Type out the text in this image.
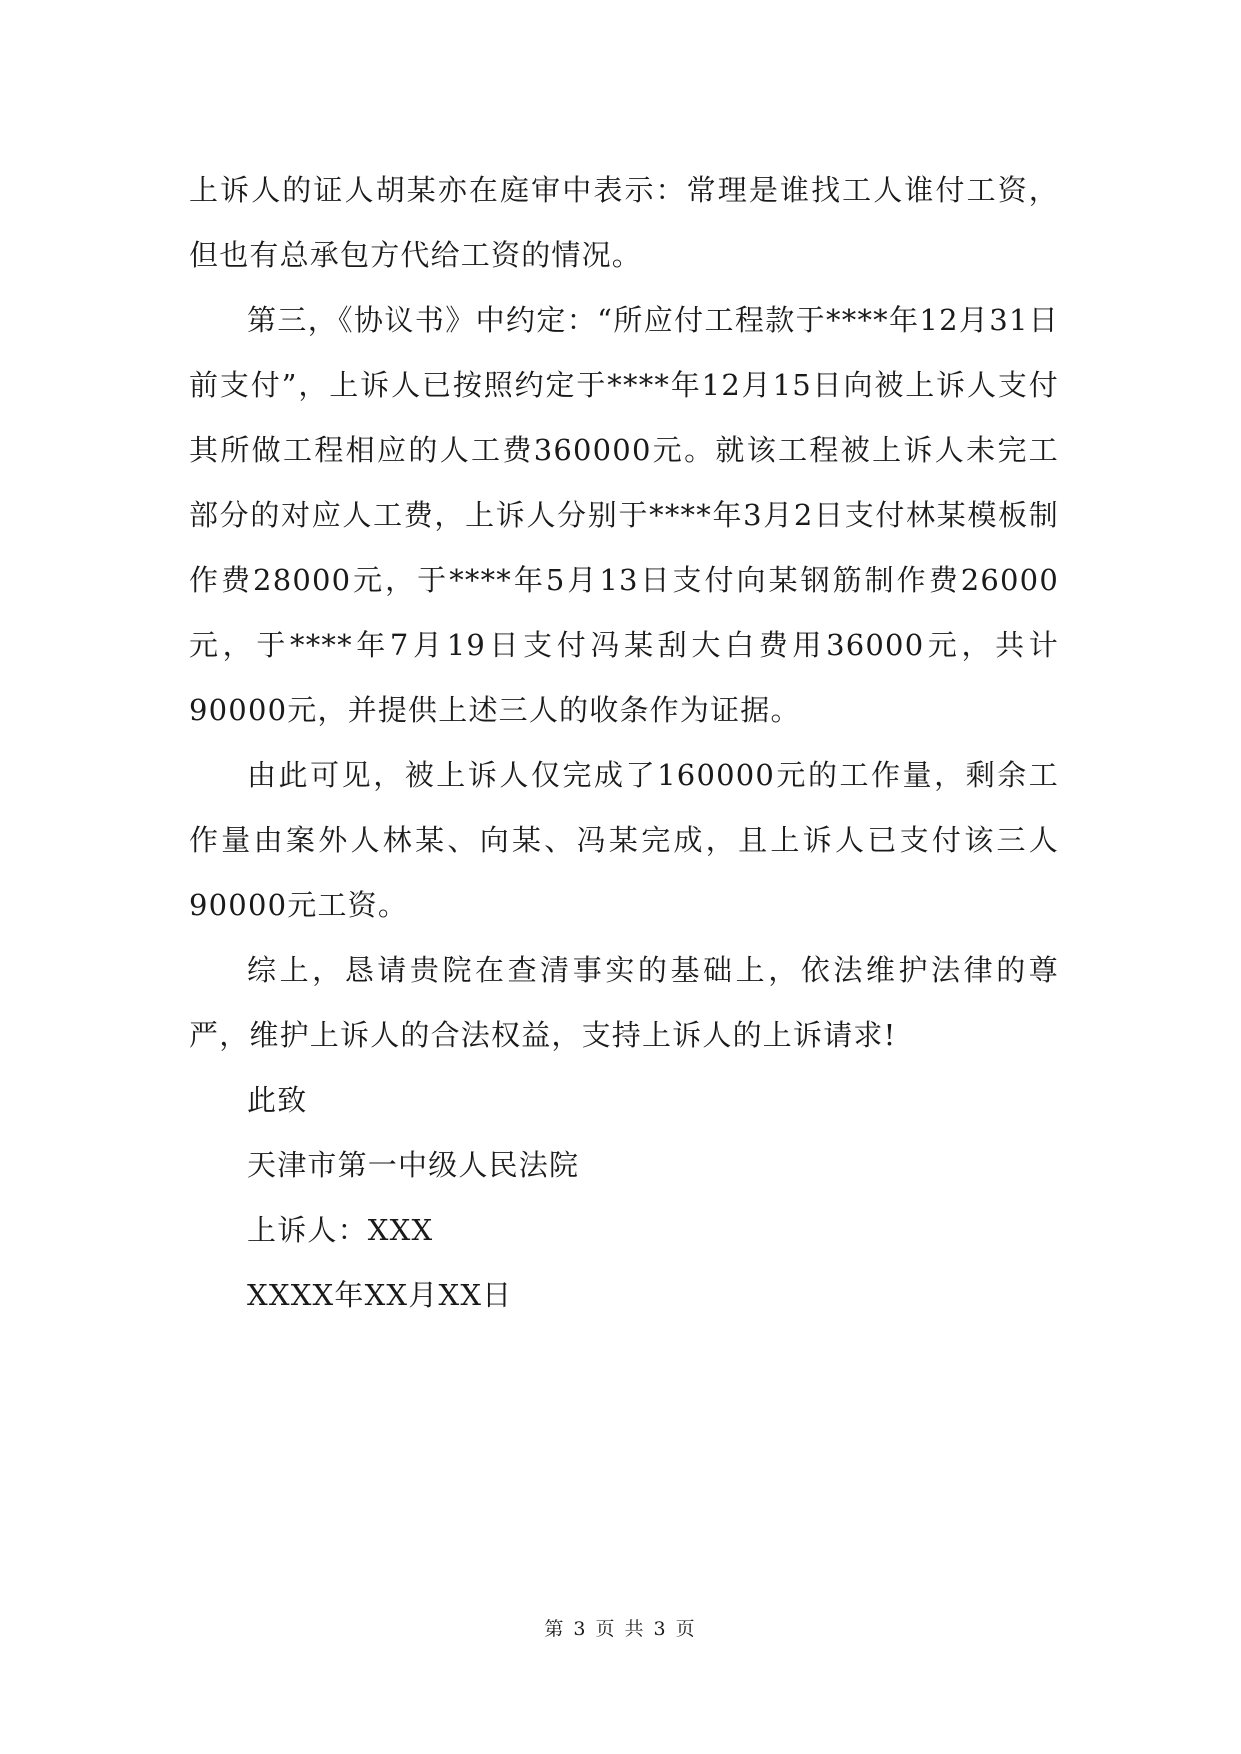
上诉人的证人胡某亦在庭审中表示：常理是谁找工人谁付工资，但也有总承包方代给工资的情况。

第三，《协议书》中约定：“所应付工程款于****年12月31日前支付”，上诉人已按照约定于****年12月15日向被上诉人支付其所做工程相应的人工费360000元。就该工程被上诉人未完工部分的对应人工费，上诉人分别于****年3月2日支付林某模板制作费28000元，于****年5月13日支付向某钢筋制作费26000元，于****年7月19日支付冯某刮大白费用36000元，共计90000元，并提供上述三人的收条作为证据。

由此可见，被上诉人仅完成了160000元的工作量，剩余工作量由案外人林某、向某、冯某完成，且上诉人已支付该三人90000元工资。

综上，恳请贵院在查清事实的基础上，依法维护法律的尊严，维护上诉人的合法权益，支持上诉人的上诉请求!

此致

天津市第一中级人民法院

上诉人：XXX

XXXX年XX月XX日

第 3 页 共 3 页
